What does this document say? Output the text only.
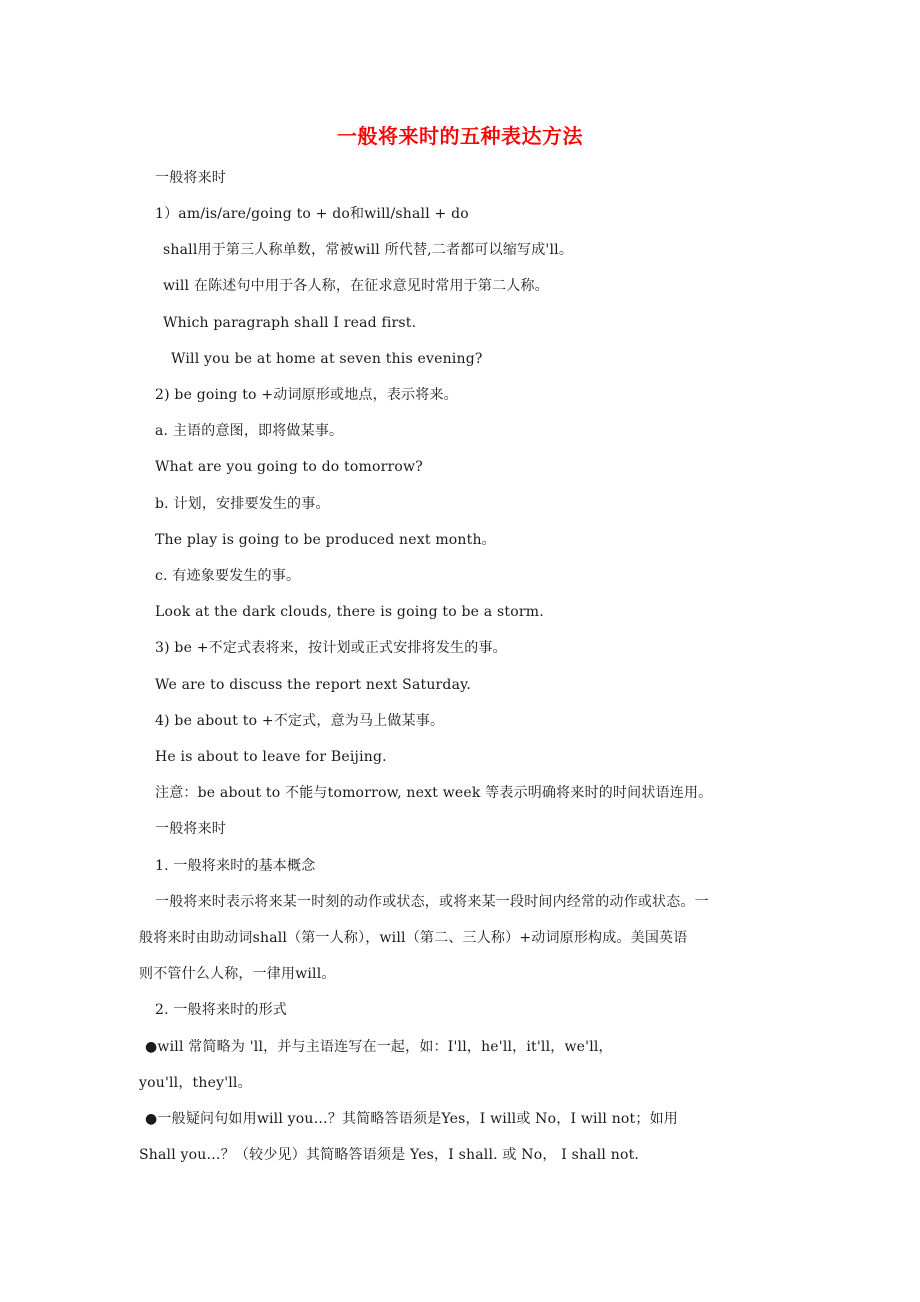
一般将来时的五种表达方法
一般将来时
1）am/is/are/going to + do和will/shall + do
shall用于第三人称单数，常被will 所代替,二者都可以缩写成'll。
will 在陈述句中用于各人称，在征求意见时常用于第二人称。
Which paragraph shall I read first.
Will you be at home at seven this evening?
2) be going to +动词原形或地点，表示将来。
a. 主语的意图，即将做某事。
What are you going to do tomorrow?
b. 计划，安排要发生的事。
The play is going to be produced next month。
c. 有迹象要发生的事。
Look at the dark clouds, there is going to be a storm.
3) be +不定式表将来，按计划或正式安排将发生的事。
We are to discuss the report next Saturday.
4) be about to +不定式，意为马上做某事。
He is about to leave for Beijing.
注意：be about to 不能与tomorrow, next week 等表示明确将来时的时间状语连用。
一般将来时
1. 一般将来时的基本概念
一般将来时表示将来某一时刻的动作或状态，或将来某一段时间内经常的动作或状态。一
般将来时由助动词shall（第一人称），will（第二、三人称）+动词原形构成。美国英语
则不管什么人称，一律用will。
2. 一般将来时的形式
●will 常简略为 'll，并与主语连写在一起，如：I'll，he'll，it'll，we'll，
you'll，they'll。
●一般疑问句如用will you…？其简略答语须是Yes，I will或 No，I will not；如用
Shall you…？（较少见）其简略答语须是 Yes，I shall. 或 No， I shall not.
